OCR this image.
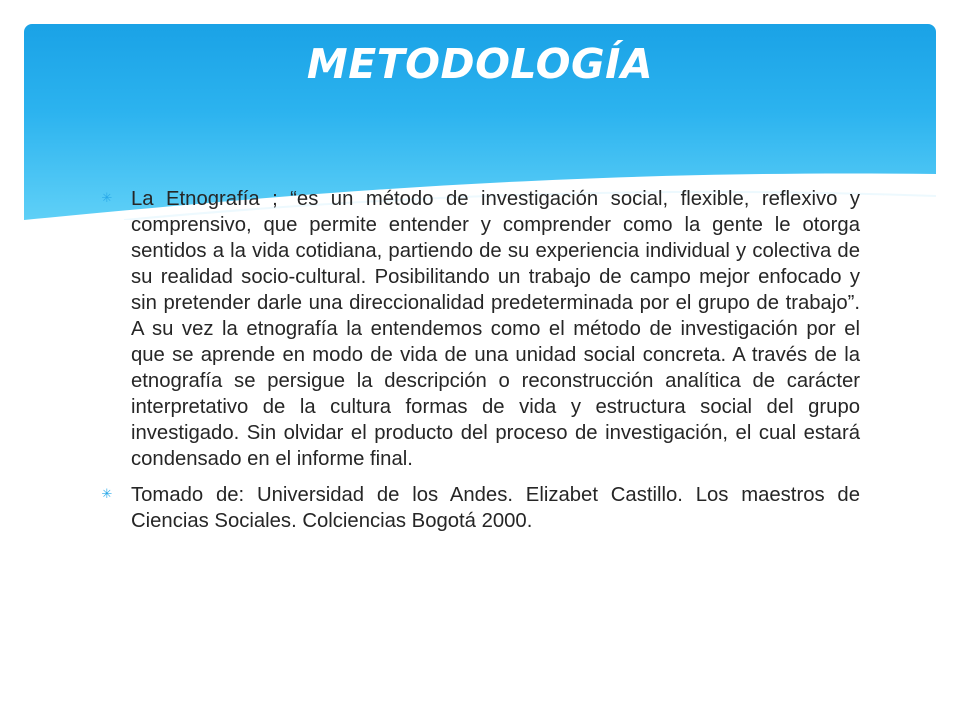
METODOLOGÍA
✳ La Etnografía ; “es un método de investigación social, flexible, reflexivo y comprensivo, que permite entender y comprender como la gente le otorga sentidos a la vida cotidiana, partiendo de su experiencia individual y colectiva de su realidad socio-cultural. Posibilitando un trabajo de campo mejor enfocado y sin pretender darle una direccionalidad predeterminada por el grupo de trabajo”. A su vez la etnografía la entendemos como el método de investigación por el que se aprende en modo de vida de una unidad social concreta. A través de la etnografía se persigue la descripción o reconstrucción analítica de carácter interpretativo de la cultura formas de vida y estructura social del grupo investigado. Sin olvidar el producto del proceso de investigación, el cual estará condensado en el informe final.
✳ Tomado de: Universidad de los Andes. Elizabet Castillo. Los maestros de Ciencias Sociales. Colciencias Bogotá 2000.
